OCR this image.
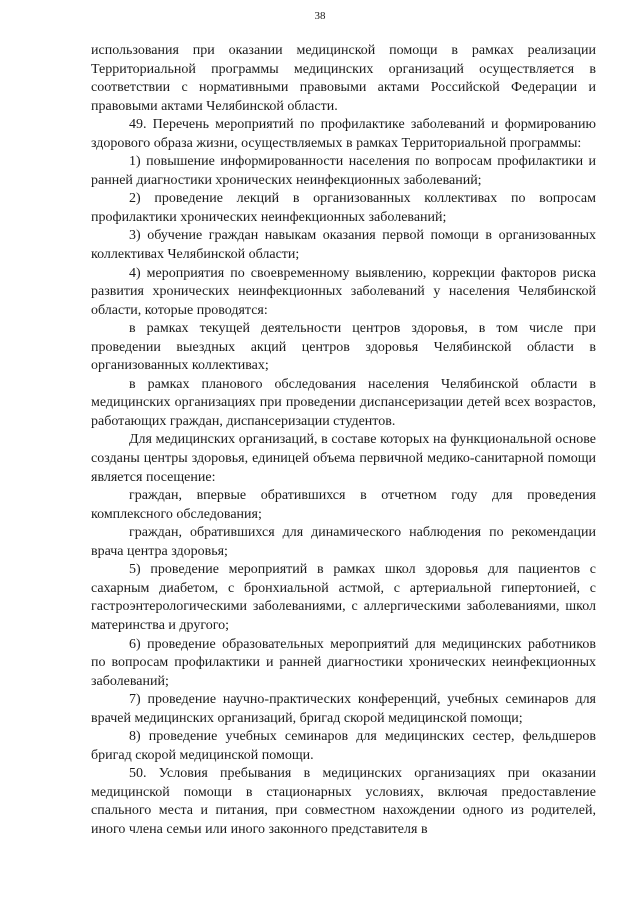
38

использования при оказании медицинской помощи в рамках реализации Территориальной программы медицинских организаций осуществляется в соответствии с нормативными правовыми актами Российской Федерации и правовыми актами Челябинской области.

49. Перечень мероприятий по профилактике заболеваний и формированию здорового образа жизни, осуществляемых в рамках Территориальной программы:

1) повышение информированности населения по вопросам профилактики и ранней диагностики хронических неинфекционных заболеваний;

2) проведение лекций в организованных коллективах по вопросам профилактики хронических неинфекционных заболеваний;

3) обучение граждан навыкам оказания первой помощи в организованных коллективах Челябинской области;

4) мероприятия по своевременному выявлению, коррекции факторов риска развития хронических неинфекционных заболеваний у населения Челябинской области, которые проводятся:

в рамках текущей деятельности центров здоровья, в том числе при проведении выездных акций центров здоровья Челябинской области в организованных коллективах;

в рамках планового обследования населения Челябинской области в медицинских организациях при проведении диспансеризации детей всех возрастов, работающих граждан, диспансеризации студентов.

Для медицинских организаций, в составе которых на функциональной основе созданы центры здоровья, единицей объема первичной медико-санитарной помощи является посещение:

граждан, впервые обратившихся в отчетном году для проведения комплексного обследования;

граждан, обратившихся для динамического наблюдения по рекомендации врача центра здоровья;

5) проведение мероприятий в рамках школ здоровья для пациентов с сахарным диабетом, с бронхиальной астмой, с артериальной гипертонией, с гастроэнтерологическими заболеваниями, с аллергическими заболеваниями, школ материнства и другого;

6) проведение образовательных мероприятий для медицинских работников по вопросам профилактики и ранней диагностики хронических неинфекционных заболеваний;

7) проведение научно-практических конференций, учебных семинаров для врачей медицинских организаций, бригад скорой медицинской помощи;

8) проведение учебных семинаров для медицинских сестер, фельдшеров бригад скорой медицинской помощи.

50. Условия пребывания в медицинских организациях при оказании медицинской помощи в стационарных условиях, включая предоставление спального места и питания, при совместном нахождении одного из родителей, иного члена семьи или иного законного представителя в
